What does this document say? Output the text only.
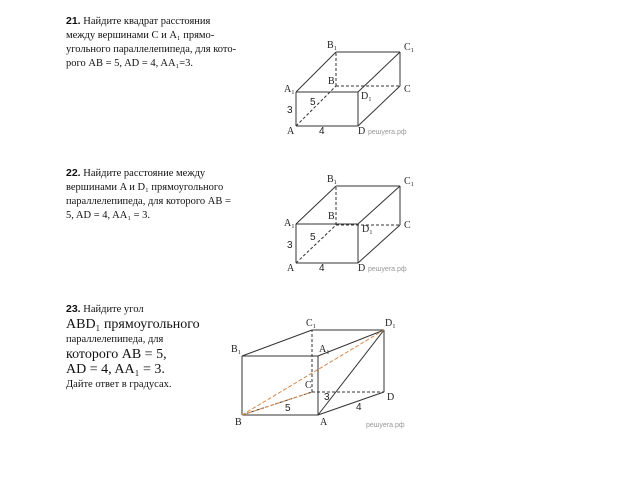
21. Найдите квадрат расстояния
между вершинами C и A₁ прямо-
угольного параллелепипеда, для кото-
рого AB = 5, AD = 4, AA₁=3.
22. Найдите расстояние между
вершинами A и D₁ прямоугольного
параллелепипеда, для которого AB =
5, AD = 4, AA₁ = 3.
23. Найдите угол
ABD₁ прямоугольного
параллелепипеда, для
которого AB = 5,
AD = 4, AA₁ = 3.
Дайте ответ в градусах.
B₁	C₁
A₁
B
D₁
C
A	D
3
5
4	решуега.рф
B₁	C₁
A₁
B
D₁	C
A	D
3
5
4	решуега.рф
C₁	D₁
B₁	A₁
C
D
B	A
3
5	4
решуега.рф
